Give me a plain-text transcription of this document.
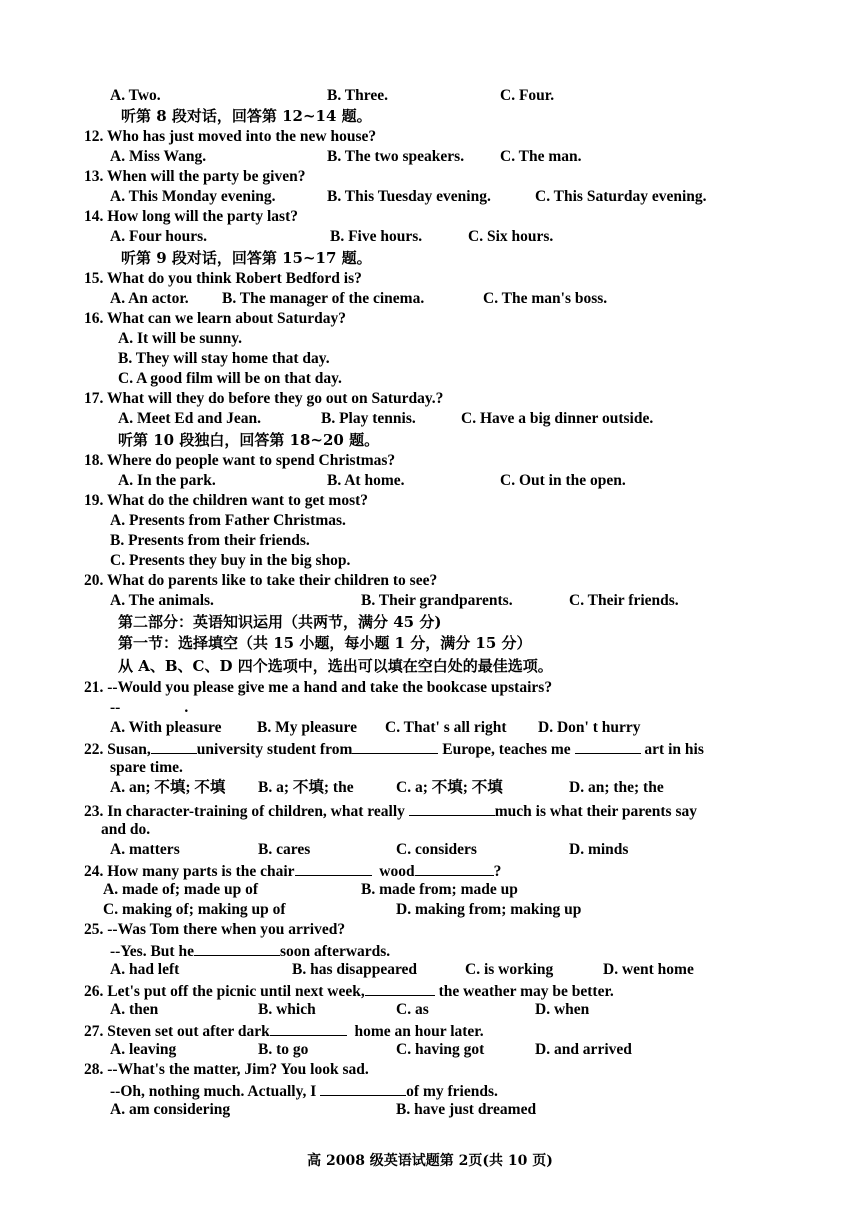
A. Two.	B. Three.	C. Four.
听第 8 段对话，回答第 12~14 题。
12. Who has just moved into the new house?
A. Miss Wang.	B. The two speakers. C. The man.
13. When will the party be given?
A. This Monday evening.	B. This Tuesday evening.	C. This Saturday evening.
14. How long will the party last?
A. Four hours.	B. Five hours.	C. Six hours.
听第 9 段对话，回答第 15~17 题。
15. What do you think Robert Bedford is?
A. An actor. B. The manager of the cinema.	C. The man's boss.
16. What can we learn about Saturday?
A. It will be sunny.
B. They will stay home that day.
C. A good film will be on that day.
17. What will they do before they go out on Saturday.?
A. Meet Ed and Jean.	B. Play tennis.	C. Have a big dinner outside.
听第 10 段独白，回答第 18~20 题。
18. Where do people want to spend Christmas?
A. In the park.	B. At home.	C. Out in the open.
19. What do the children want to get most?
A. Presents from Father Christmas.
B. Presents from their friends.
C. Presents they buy in the big shop.
20. What do parents like to take their children to see?
A. The animals.	B. Their grandparents.	C. Their friends.
第二部分：英语知识运用（共两节，满分 45 分)
第一节：选择填空（共 15 小题，每小题 1 分，满分 15 分）
从 A、B、C、D 四个选项中，选出可以填在空白处的最佳选项。
21. --Would you please give me a hand and take the bookcase upstairs?
--	.
A. With pleasure B. My pleasure C. That' s all right D. Don' t hurry
22. Susan,	university student from	Europe, teaches me	art in his
spare time.
A. an; 不填; 不填 B. a; 不填; the	C. a; 不填; 不填	D. an; the; the
23. In character-training of children, what really	much is what their parents say
and do.
A. matters	B. cares	C. considers	D. minds
24. How many parts is the chair	wood	?
A. made of; made up of	B. made from; made up
C. making of; making up of	D. making from; making up
25. --Was Tom there when you arrived?
--Yes. But he	soon afterwards.
A. had left	B. has disappeared	C. is working	D. went home
26. Let's put off the picnic until next week,	the weather may be better.
A. then	B. which	C. as	D. when
27. Steven set out after dark	home an hour later.
A. leaving	B. to go	C. having got	D. and arrived
28. --What's the matter, Jim? You look sad.
--Oh, nothing much. Actually, I	of my friends.
A. am considering	B. have just dreamed
高 2008 级英语试题第 2页(共 10 页)
